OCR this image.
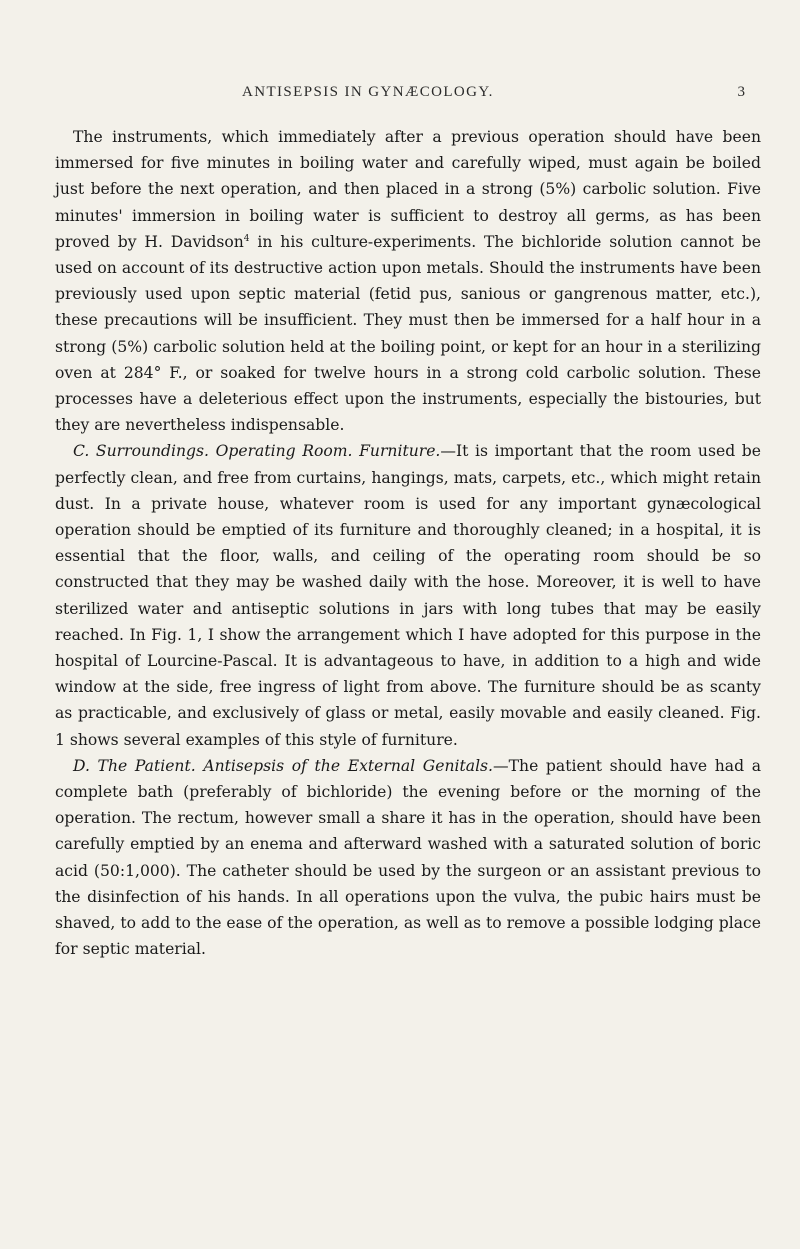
ANTISEPSIS IN GYNÆCOLOGY.	3

The instruments, which immediately after a previous operation should have been immersed for five minutes in boiling water and carefully wiped, must again be boiled just before the next operation, and then placed in a strong (5%) carbolic solution. Five minutes' immersion in boiling water is sufficient to destroy all germs, as has been proved by H. Davidson$^4$ in his culture-experiments. The bichloride solution cannot be used on account of its destructive action upon metals. Should the instruments have been previously used upon septic material (fetid pus, sanious or gangrenous matter, etc.), these precautions will be insufficient. They must then be immersed for a half hour in a strong (5%) carbolic solution held at the boiling point, or kept for an hour in a sterilizing oven at 284° F., or soaked for twelve hours in a strong cold carbolic solution. These processes have a deleterious effect upon the instruments, especially the bistouries, but they are nevertheless indispensable.

C. Surroundings. Operating Room. Furniture.—It is important that the room used be perfectly clean, and free from curtains, hangings, mats, carpets, etc., which might retain dust. In a private house, whatever room is used for any important gynæcological operation should be emptied of its furniture and thoroughly cleaned; in a hospital, it is essential that the floor, walls, and ceiling of the operating room should be so constructed that they may be washed daily with the hose. Moreover, it is well to have sterilized water and antiseptic solutions in jars with long tubes that may be easily reached. In Fig. 1, I show the arrangement which I have adopted for this purpose in the hospital of Lourcine-Pascal. It is advantageous to have, in addition to a high and wide window at the side, free ingress of light from above. The furniture should be as scanty as practicable, and exclusively of glass or metal, easily movable and easily cleaned. Fig. 1 shows several examples of this style of furniture.

D. The Patient. Antisepsis of the External Genitals.—The patient should have had a complete bath (preferably of bichloride) the evening before or the morning of the operation. The rectum, however small a share it has in the operation, should have been carefully emptied by an enema and afterward washed with a saturated solution of boric acid (50:1,000). The catheter should be used by the surgeon or an assistant previous to the disinfection of his hands. In all operations upon the vulva, the pubic hairs must be shaved, to add to the ease of the operation, as well as to remove a possible lodging place for septic material.
